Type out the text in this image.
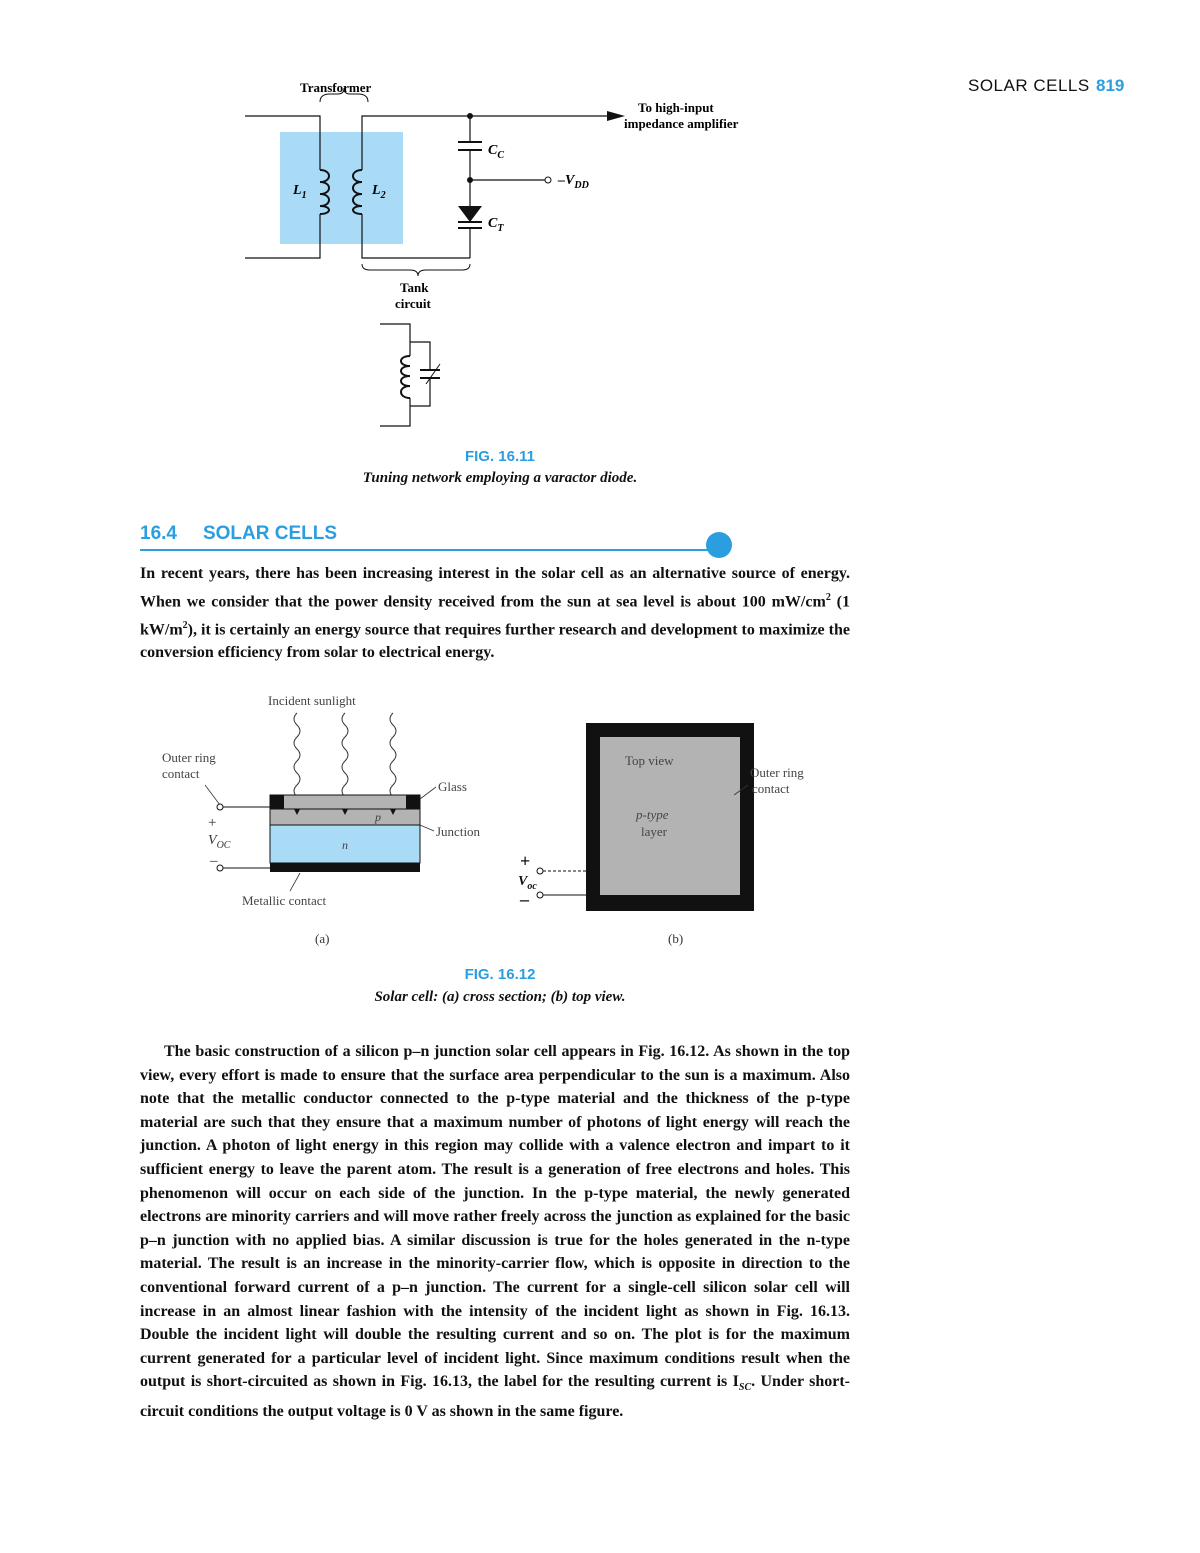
SOLAR CELLS 819
Transformer
$L_1$	$L_2$
To high-input
impedance amplifier
$C_C$
$-V_{DD}$
$C_T$
Tank
circuit
FIG. 16.11
Tuning network employing a varactor diode.
16.4 SOLAR CELLS

In recent years, there has been increasing interest in the solar cell as an alternative source of energy. When we consider that the power density received from the sun at sea level is about 100 $mW/cm^2$ (1 $kW/m^2$), it is certainly an energy source that requires further research and development to maximize the conversion efficiency from solar to electrical energy.

Incident sunlight
Outer ring
contact
p
n
Glass
Junction
+
$V_{OC}$
–
Metallic contact
(a)
Top view
p-type
layer
Outer ring
contact
+
$V_{oc}$
–
(b)
FIG. 16.12
Solar cell: (a) cross section; (b) top view.

The basic construction of a silicon p–n junction solar cell appears in Fig. 16.12. As shown in the top view, every effort is made to ensure that the surface area perpendicular to the sun is a maximum. Also note that the metallic conductor connected to the p-type material and the thickness of the p-type material are such that they ensure that a maximum number of photons of light energy will reach the junction. A photon of light energy in this region may collide with a valence electron and impart to it sufficient energy to leave the parent atom. The result is a generation of free electrons and holes. This phenomenon will occur on each side of the junction. In the p-type material, the newly generated electrons are minority carriers and will move rather freely across the junction as explained for the basic p–n junction with no applied bias. A similar discussion is true for the holes generated in the n-type material. The result is an increase in the minority-carrier flow, which is opposite in direction to the conventional forward current of a p–n junction. The current for a single-cell silicon solar cell will increase in an almost linear fashion with the intensity of the incident light as shown in Fig. 16.13. Double the incident light will double the resulting current and so on. The plot is for the maximum current generated for a particular level of incident light. Since maximum conditions result when the output is short-circuited as shown in Fig. 16.13, the label for the resulting current is $I_{SC}$. Under short-circuit conditions the output voltage is 0 V as shown in the same figure.
